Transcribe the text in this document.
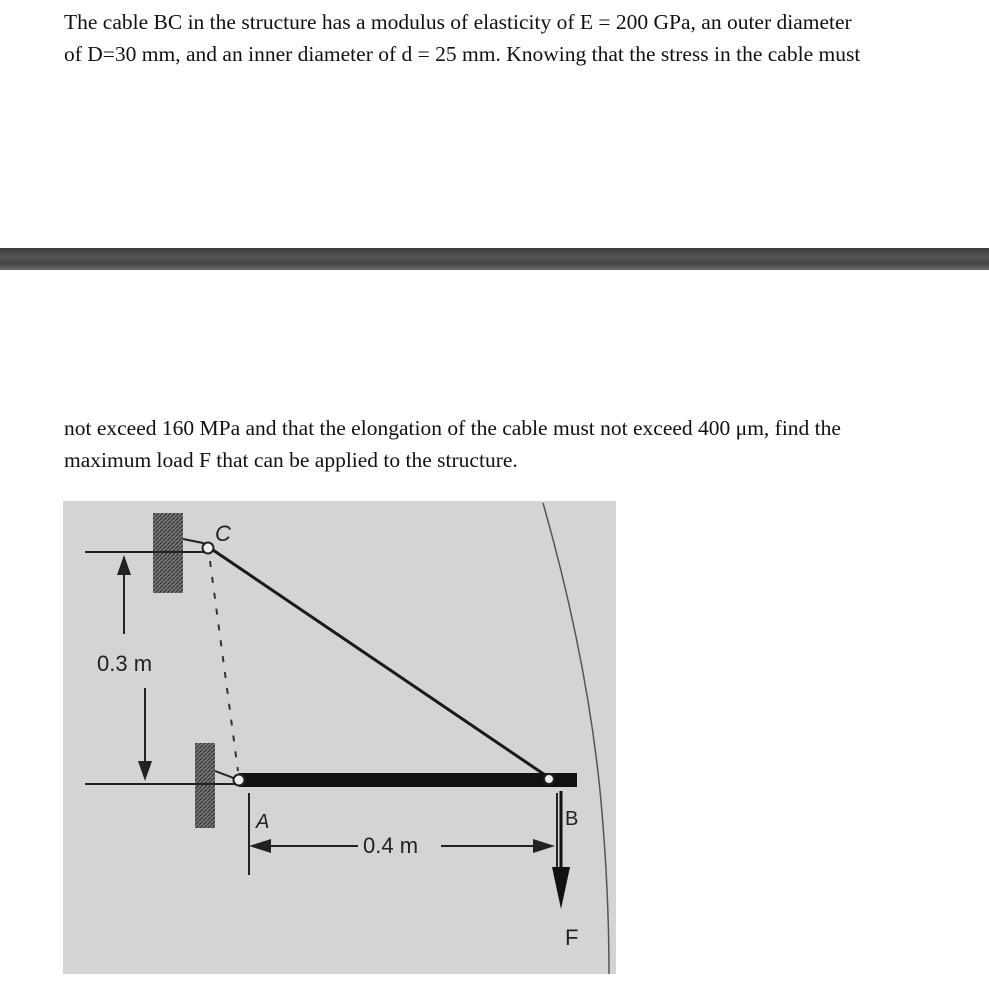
The cable BC in the structure has a modulus of elasticity of E = 200 GPa, an outer diameter
of D=30 mm, and an inner diameter of d = 25 mm. Knowing that the stress in the cable must

not exceed 160 MPa and that the elongation of the cable must not exceed 400 μm, find the
maximum load F that can be applied to the structure.

0.3 m
C
A	B
0.4 m
F
